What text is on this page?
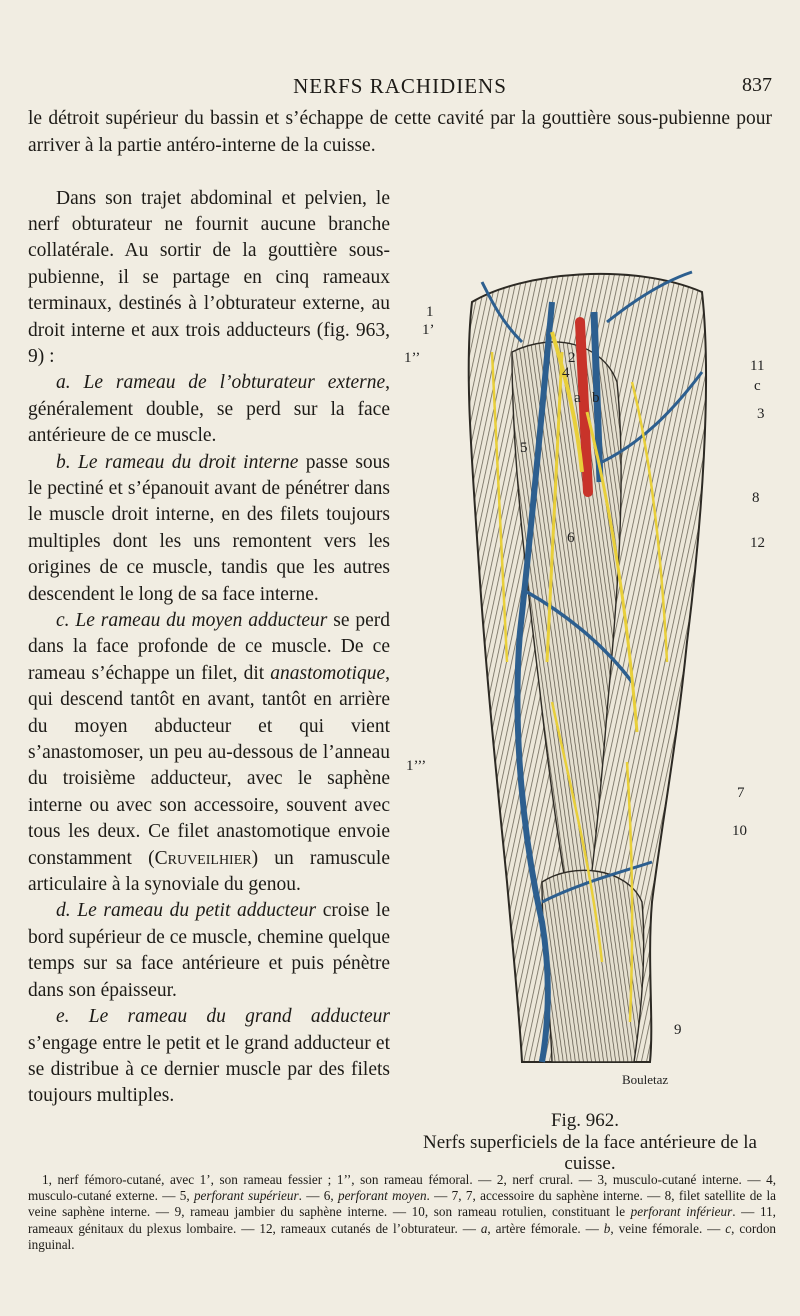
NERFS RACHIDIENS	837

le détroit supérieur du bassin et s’échappe de cette cavité par la gouttière sous-pubienne pour arriver à la partie antéro-interne de la cuisse.

Dans son trajet abdominal et pelvien, le nerf obturateur ne fournit aucune branche collatérale. Au sortir de la gouttière sous-pubienne, il se partage en cinq rameaux terminaux, destinés à l’obturateur externe, au droit interne et aux trois adducteurs (fig. 963, 9) :

a. Le rameau de l’obturateur externe, généralement double, se perd sur la face antérieure de ce muscle.

b. Le rameau du droit interne passe sous le pectiné et s’épanouit avant de pénétrer dans le muscle droit interne, en des filets toujours multiples dont les uns remontent vers les origines de ce muscle, tandis que les autres descendent le long de sa face interne.

c. Le rameau du moyen adducteur se perd dans la face profonde de ce muscle. De ce rameau s’échappe un filet, dit anastomotique, qui descend tantôt en avant, tantôt en arrière du moyen abducteur et qui vient s’anastomoser, un peu au-dessous de l’anneau du troisième adducteur, avec le saphène interne ou avec son accessoire, souvent avec tous les deux. Ce filet anastomotique envoie constamment (Cruveilhier) un ramuscule articulaire à la synoviale du genou.

d. Le rameau du petit adducteur croise le bord supérieur de ce muscle, chemine quelque temps sur sa face antérieure et puis pénètre dans son épaisseur.

e. Le rameau du grand adducteur s’engage entre le petit et le grand adducteur et se distribue à ce dernier muscle par des filets toujours multiples.

1
1’
1’’
1’’’
11
c
3
8
12
7
10
9
2
4
5
6
a b
Bouletaz
Fig. 962.
Nerfs superficiels de la face antérieure de la cuisse.

1, nerf fémoro-cutané, avec 1’, son rameau fessier ; 1’’, son rameau fémoral. — 2, nerf crural. — 3, musculo-cutané interne. — 4, musculo-cutané externe. — 5, perforant supérieur. — 6, perforant moyen. — 7, 7, accessoire du saphène interne. — 8, filet satellite de la veine saphène interne. — 9, rameau jambier du saphène interne. — 10, son rameau rotulien, constituant le perforant inférieur. — 11, rameaux génitaux du plexus lombaire. — 12, rameaux cutanés de l’obturateur. — a, artère fémorale. — b, veine fémorale. — c, cordon inguinal.
